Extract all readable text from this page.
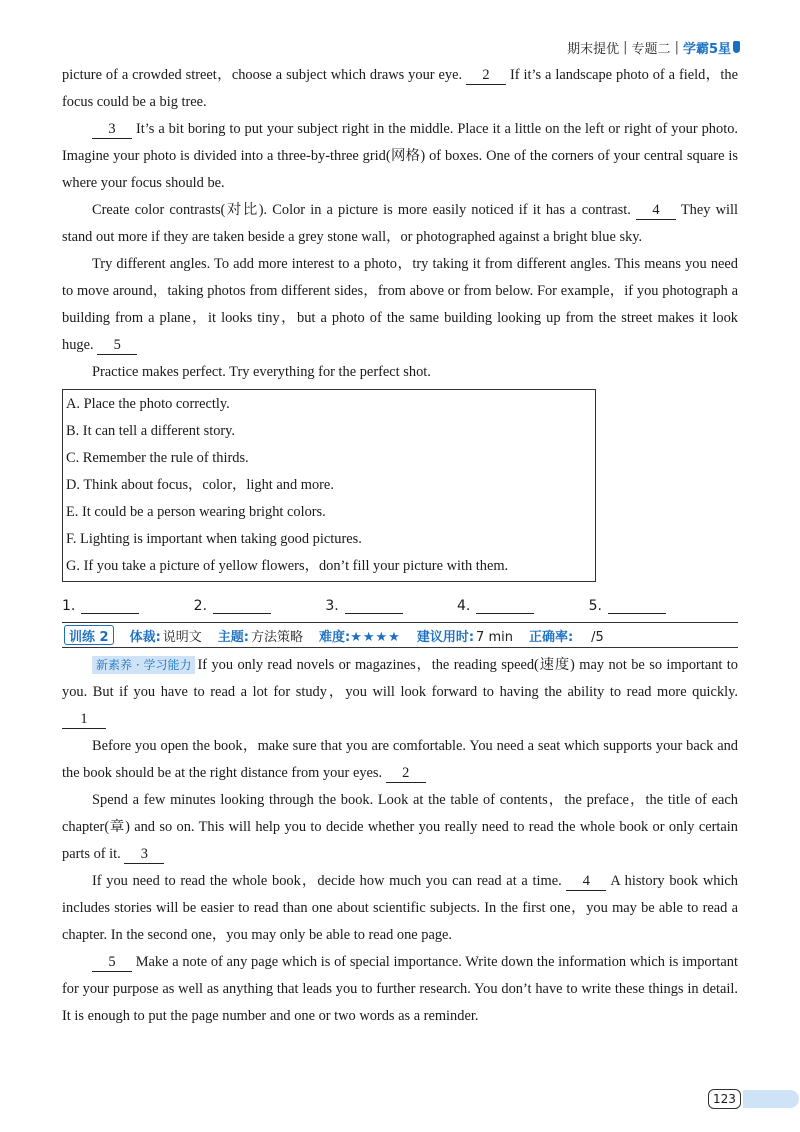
期末提优 | 专题二 | 学霸5星

picture of a crowded street，choose a subject which draws your eye. 2 If it’s a landscape photo of a field，the focus could be a big tree.

3 It’s a bit boring to put your subject right in the middle. Place it a little on the left or right of your photo. Imagine your photo is divided into a three-by-three grid(网格) of boxes. One of the corners of your central square is where your focus should be.

Create color contrasts(对比). Color in a picture is more easily noticed if it has a contrast. 4 They will stand out more if they are taken beside a grey stone wall，or photographed against a bright blue sky.

Try different angles. To add more interest to a photo，try taking it from different angles. This means you need to move around，taking photos from different sides，from above or from below. For example，if you photograph a building from a plane，it looks tiny，but a photo of the same building looking up from the street makes it look huge. 5

Practice makes perfect. Try everything for the perfect shot.

A. Place the photo correctly.
B. It can tell a different story.
C. Remember the rule of thirds.
D. Think about focus，color，light and more.
E. It could be a person wearing bright colors.
F. Lighting is important when taking good pictures.
G. If you take a picture of yellow flowers，don’t fill your picture with them.
1.	2.	3.	4.	5.
训练 2	体裁: 说明文 主题: 方法策略 难度:★★★★ 建议用时: 7 min 正确率: /5

新素养 · 学习能力 If you only read novels or magazines，the reading speed(速度) may not be so important to you. But if you have to read a lot for study，you will look forward to having the ability to read more quickly. 1

Before you open the book，make sure that you are comfortable. You need a seat which supports your back and the book should be at the right distance from your eyes. 2

Spend a few minutes looking through the book. Look at the table of contents，the preface，the title of each chapter(章) and so on. This will help you to decide whether you really need to read the whole book or only certain parts of it. 3

If you need to read the whole book，decide how much you can read at a time. 4 A history book which includes stories will be easier to read than one about scientific subjects. In the first one，you may be able to read a chapter. In the second one，you may only be able to read one page.

5 Make a note of any page which is of special importance. Write down the information which is important for your purpose as well as anything that leads you to further research. You don’t have to write these things in detail. It is enough to put the page number and one or two words as a reminder.

123
